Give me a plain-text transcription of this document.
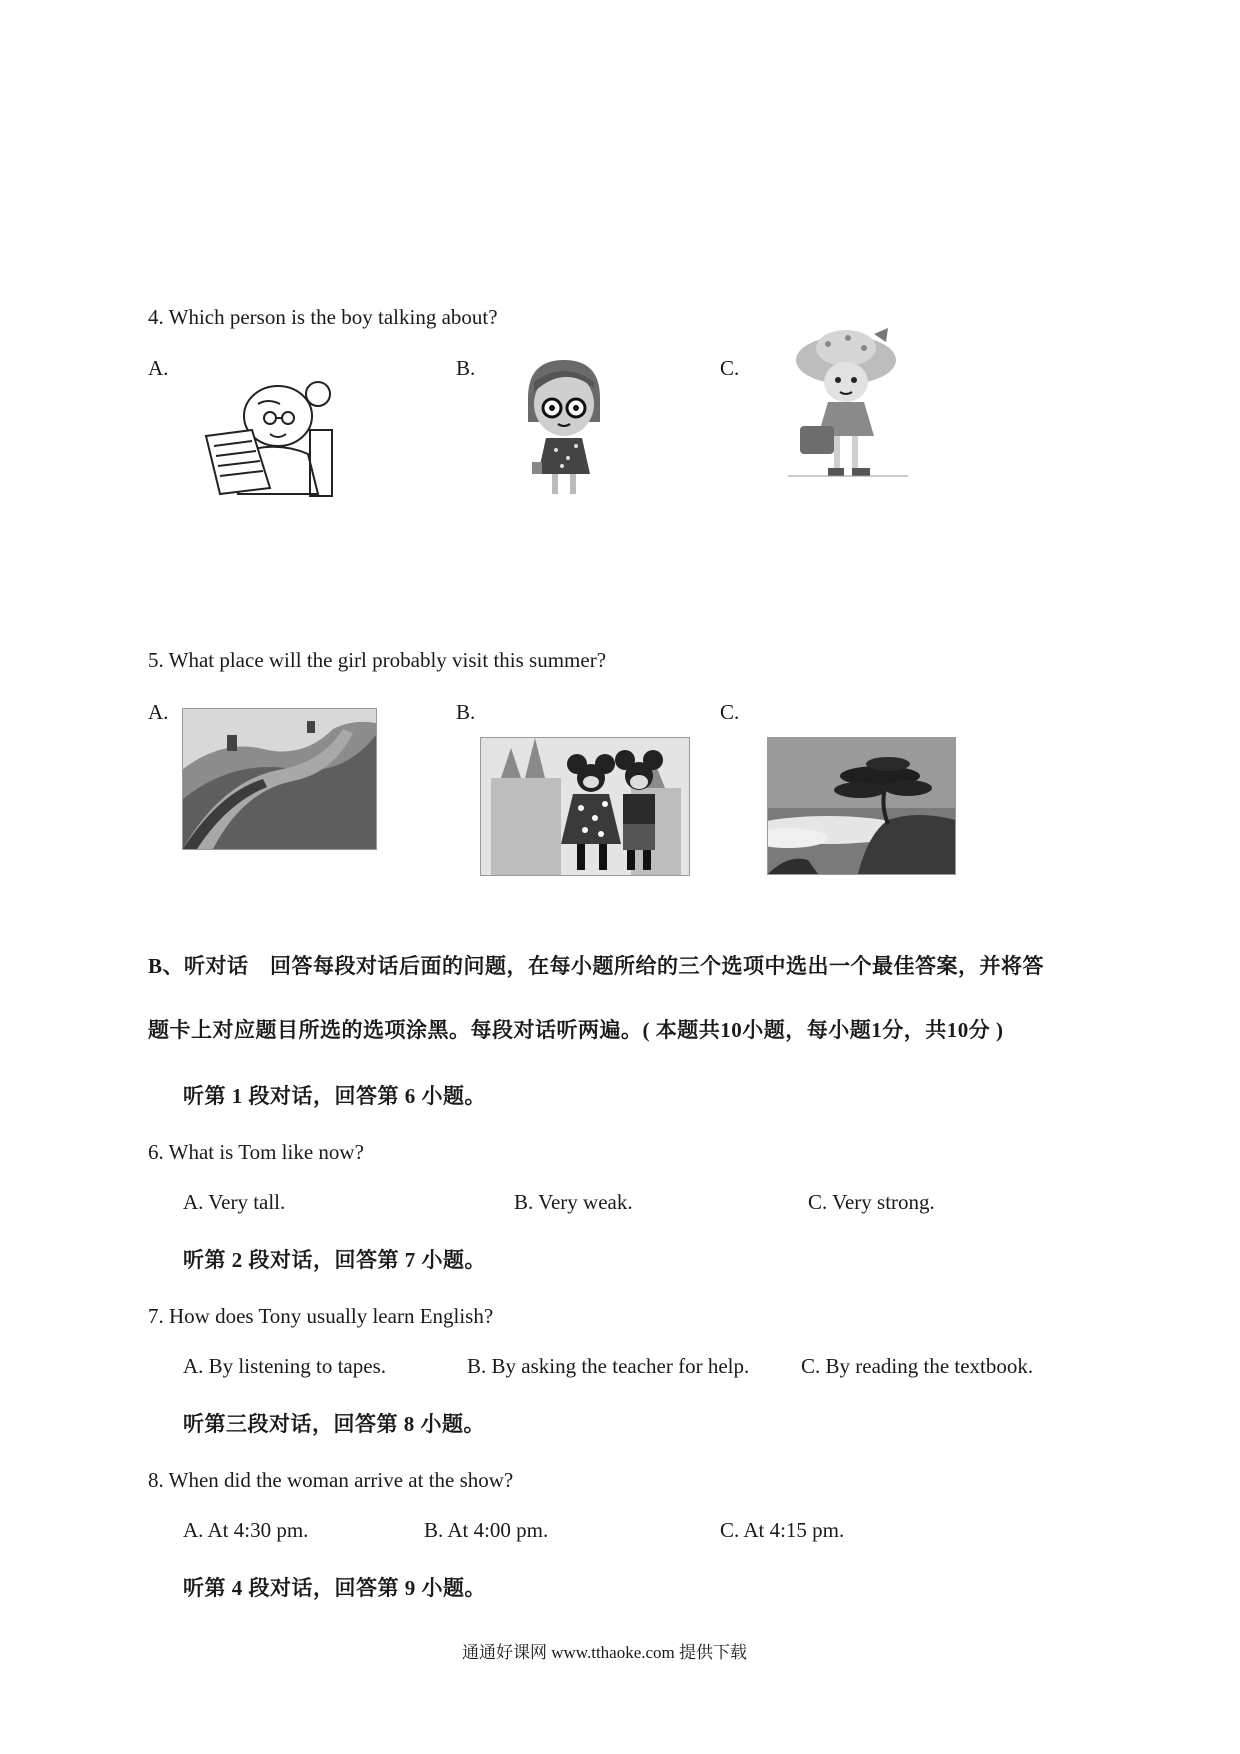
4. Which person is the boy talking about?
A.	B.	C.
5. What place will the girl probably visit this summer?
A.	B.	C.
B、听对话　回答每段对话后面的问题，在每小题所给的三个选项中选出一个最佳答案，并将答
题卡上对应题目所选的选项涂黑。每段对话听两遍。( 本题共10小题，每小题1分，共10分 )
听第 1 段对话，回答第 6 小题。
6. What is Tom like now?
A. Very tall.	B. Very weak.	C. Very strong.
听第 2 段对话，回答第 7 小题。
7. How does Tony usually learn English?
A. By listening to tapes.	B. By asking the teacher for help. C. By reading the textbook.
听第三段对话，回答第 8 小题。
8. When did the woman arrive at the show?
A. At 4:30 pm.	B. At 4:00 pm.	C. At 4:15 pm.
听第 4 段对话，回答第 9 小题。
通通好课网 www.tthaoke.com 提供下载
